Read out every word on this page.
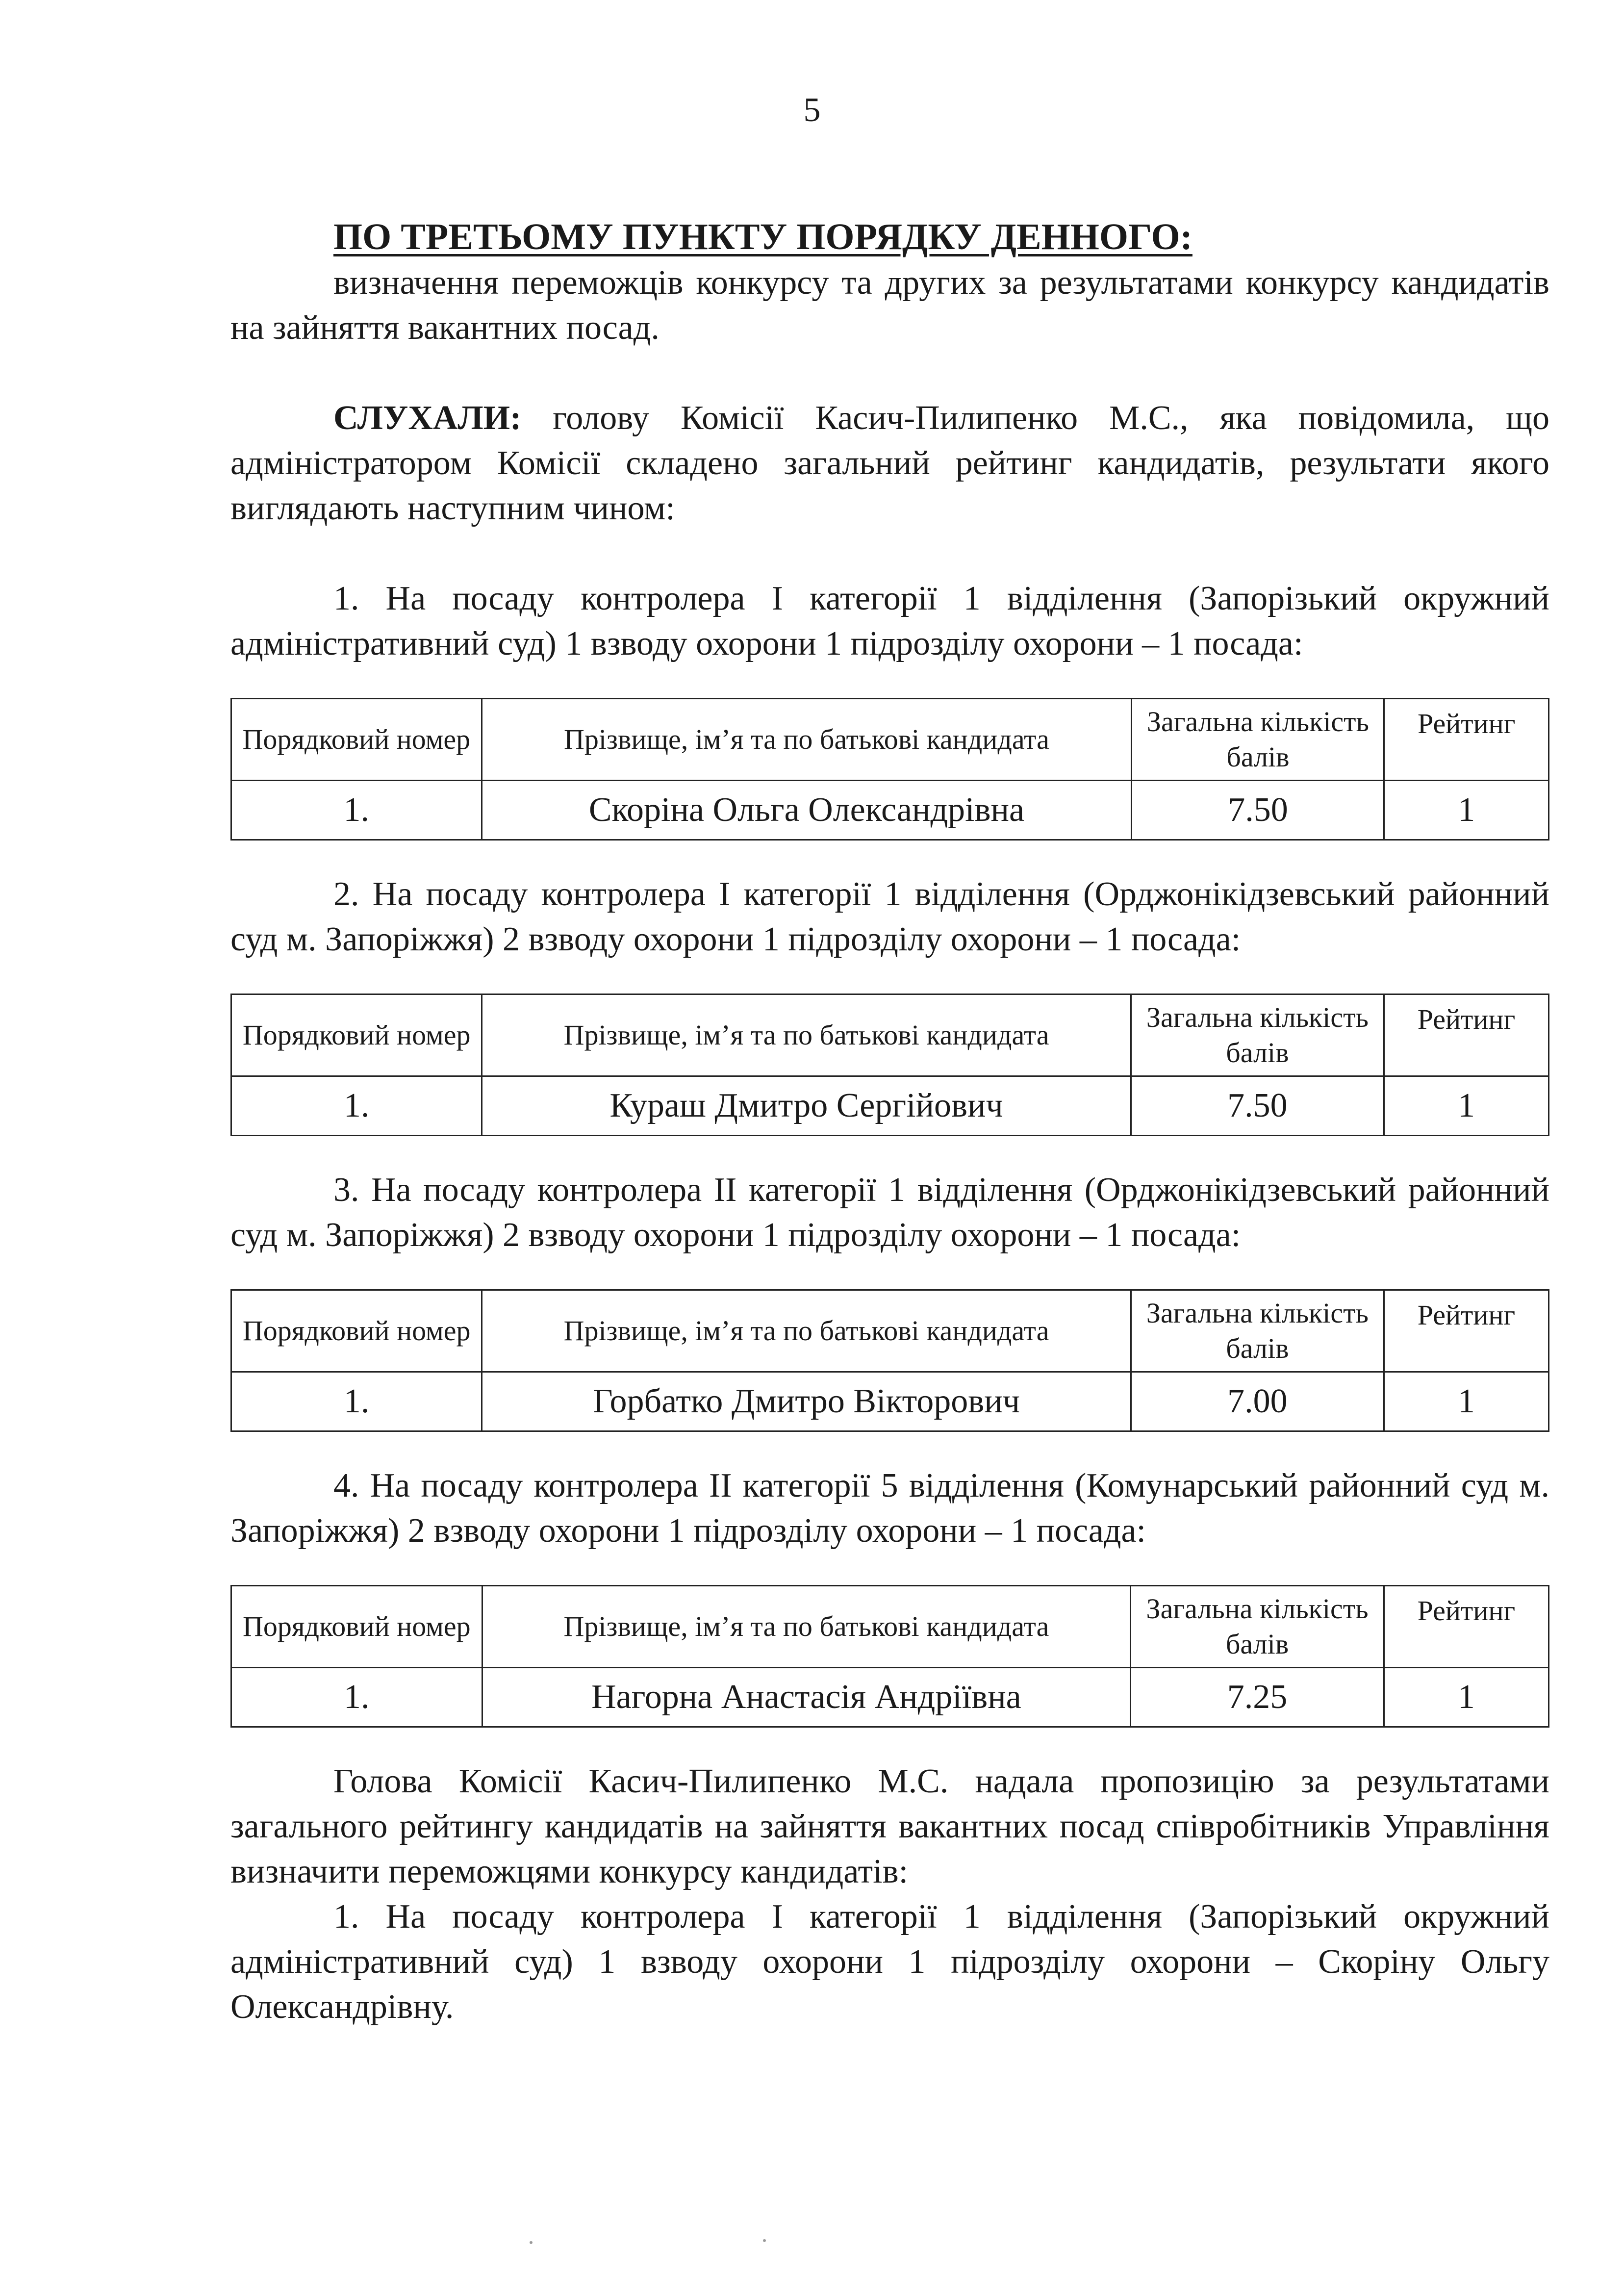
5

ПО ТРЕТЬОМУ ПУНКТУ ПОРЯДКУ ДЕННОГО:

визначення переможців конкурсу та других за результатами конкурсу кандидатів на зайняття вакантних посад.

СЛУХАЛИ: голову Комісії Касич-Пилипенко М.С., яка повідомила, що адміністратором Комісії складено загальний рейтинг кандидатів, результати якого виглядають наступним чином:

1. На посаду контролера І категорії 1 відділення (Запорізький окружний адміністративний суд) 1 взводу охорони 1 підрозділу охорони – 1 посада:

Порядковий номер	Прізвище, ім’я та по батькові кандидата	Загальна кількість балів	Рейтинг
1.	Скоріна Ольга Олександрівна	7.50	1

2. На посаду контролера І категорії 1 відділення (Орджонікідзевський районний суд м. Запоріжжя) 2 взводу охорони 1 підрозділу охорони – 1 посада:

Порядковий номер	Прізвище, ім’я та по батькові кандидата	Загальна кількість балів	Рейтинг
1.	Кураш Дмитро Сергійович	7.50	1

3. На посаду контролера ІІ категорії 1 відділення (Орджонікідзевський районний суд м. Запоріжжя) 2 взводу охорони 1 підрозділу охорони – 1 посада:

Порядковий номер	Прізвище, ім’я та по батькові кандидата	Загальна кількість балів	Рейтинг
1.	Горбатко Дмитро Вікторович	7.00	1

4. На посаду контролера ІІ категорії 5 відділення (Комунарський районний суд м. Запоріжжя) 2 взводу охорони 1 підрозділу охорони – 1 посада:

Порядковий номер	Прізвище, ім’я та по батькові кандидата	Загальна кількість балів	Рейтинг
1.	Нагорна Анастасія Андріївна	7.25	1

Голова Комісії Касич-Пилипенко М.С. надала пропозицію за результатами загального рейтингу кандидатів на зайняття вакантних посад співробітників Управління визначити переможцями конкурсу кандидатів:

1. На посаду контролера І категорії 1 відділення (Запорізький окружний адміністративний суд) 1 взводу охорони 1 підрозділу охорони – Скоріну Ольгу Олександрівну.
